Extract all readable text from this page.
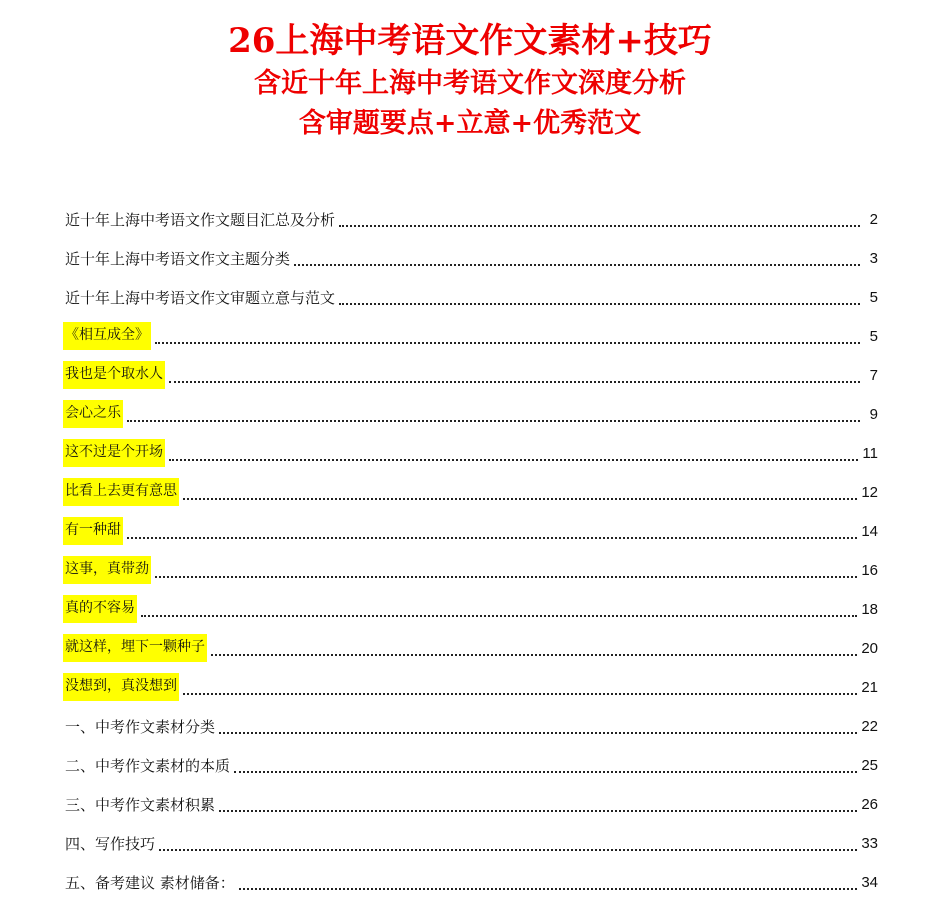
26上海中考语文作文素材+技巧
含近十年上海中考语文作文深度分析
含审题要点+立意+优秀范文
近十年上海中考语文作文题目汇总及分析	2
近十年上海中考语文作文主题分类	3
近十年上海中考语文作文审题立意与范文	5
《相互成全》	5
我也是个取水人	7
会心之乐	9
这不过是个开场	11
比看上去更有意思	12
有一种甜	14
这事，真带劲	16
真的不容易	18
就这样，埋下一颗种子	20
没想到，真没想到	21
一、中考作文素材分类	22
二、中考作文素材的本质	25
三、中考作文素材积累	26
四、写作技巧	33
五、备考建议 素材储备：	34
